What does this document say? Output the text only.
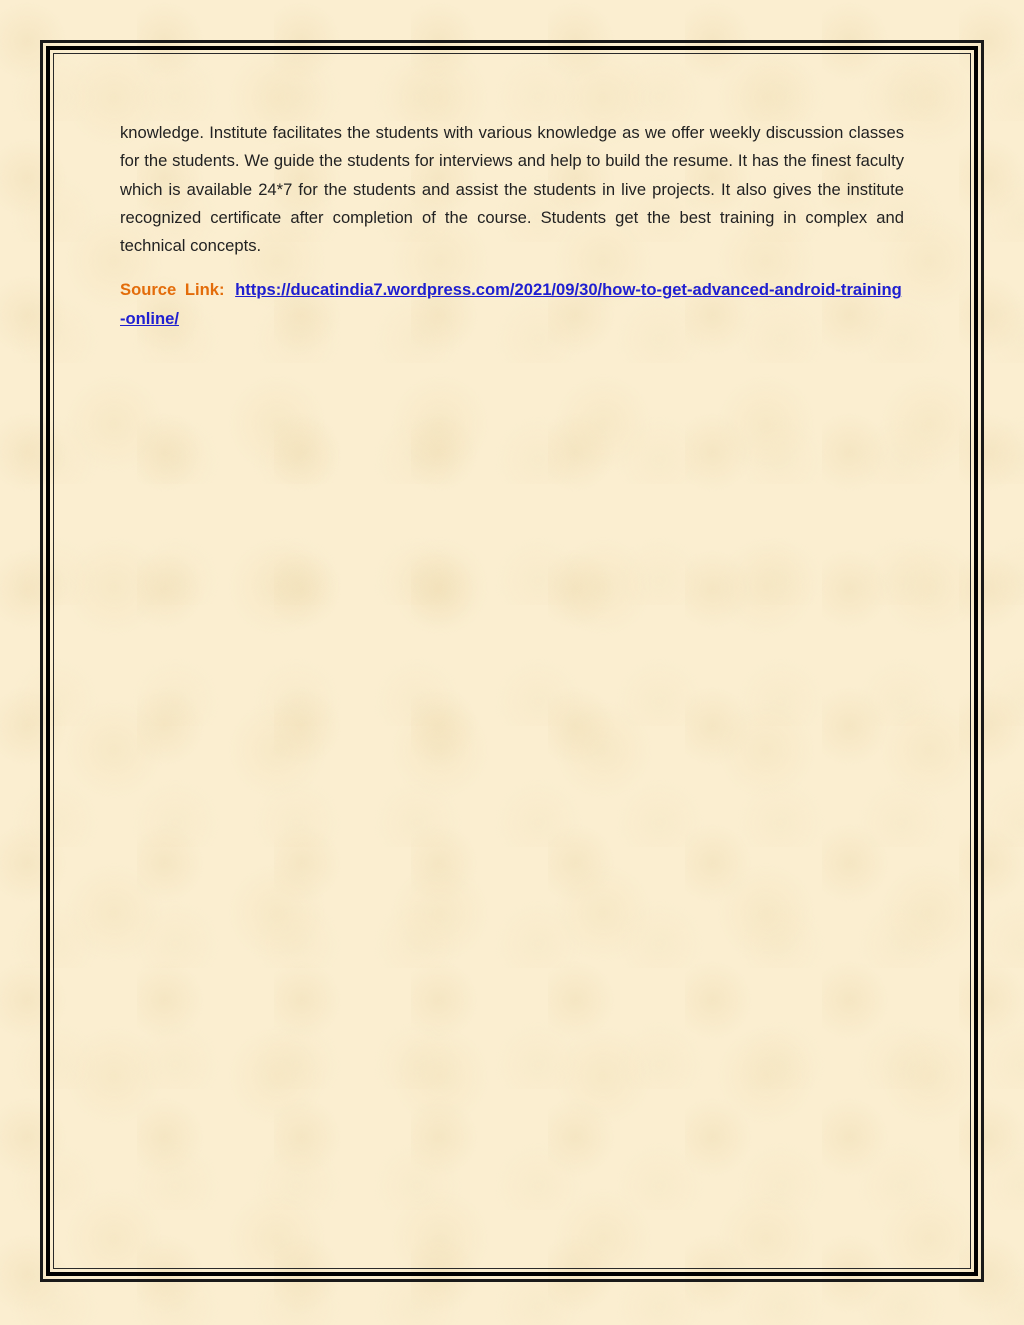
knowledge. Institute facilitates the students with various knowledge as we offer weekly discussion classes for the students. We guide the students for interviews and help to build the resume. It has the finest faculty which is available 24*7 for the students and assist the students in live projects. It also gives the institute recognized certificate after completion of the course. Students get the best training in complex and technical concepts.

Source Link: https://ducatindia7.wordpress.com/2021/09/30/how-to-get-advanced-android-training-online/
